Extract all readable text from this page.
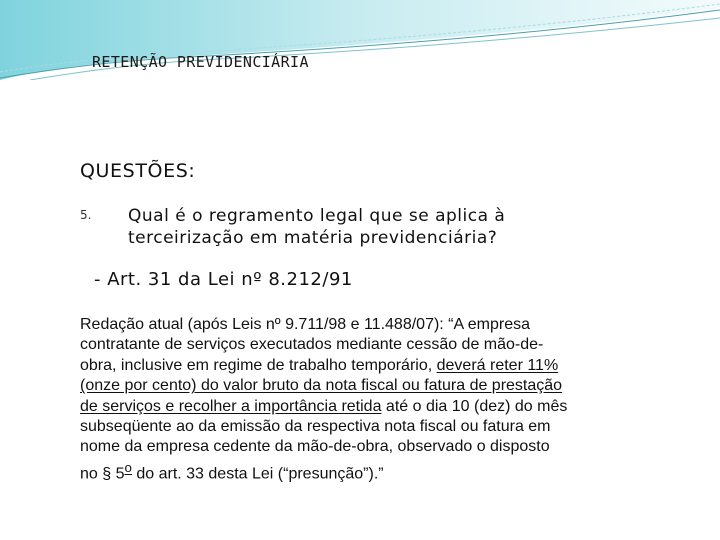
RETENÇÃO PREVIDENCIÁRIA
QUESTÕES:
5. Qual é o regramento legal que se aplica à terceirização em matéria previdenciária?
- Art. 31 da Lei nº 8.212/91

Redação atual (após Leis nº 9.711/98 e 11.488/07): “A empresa contratante de serviços executados mediante cessão de mão-de-obra, inclusive em regime de trabalho temporário, deverá reter 11% (onze por cento) do valor bruto da nota fiscal ou fatura de prestação de serviços e recolher a importância retida até o dia 10 (dez) do mês subseqüente ao da emissão da respectiva nota fiscal ou fatura em nome da empresa cedente da mão-de-obra, observado o disposto no § 5$^o$ do art. 33 desta Lei (“presunção”).”
